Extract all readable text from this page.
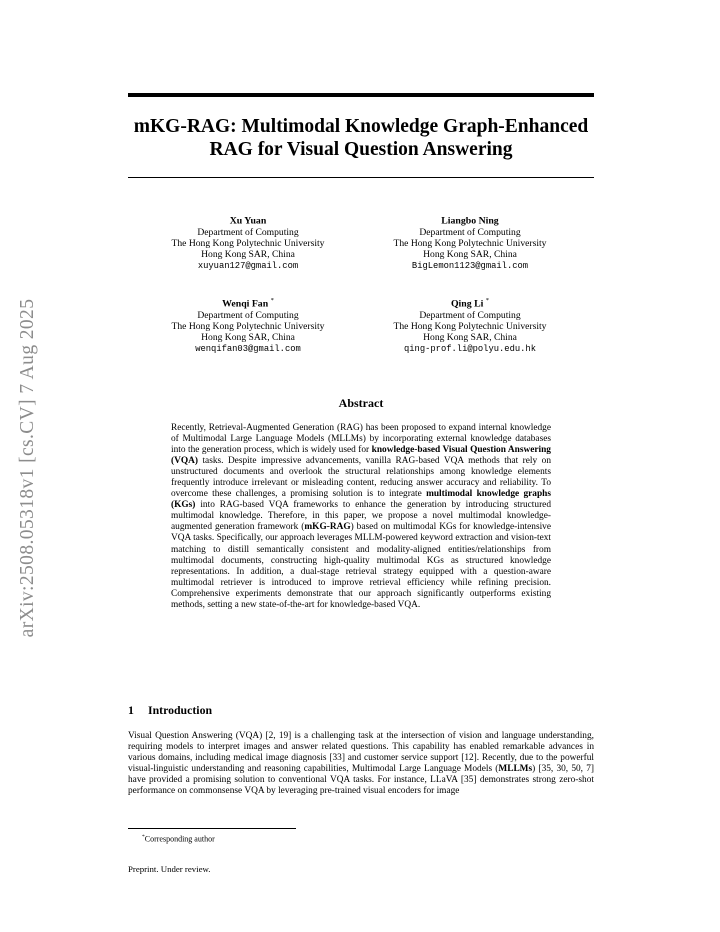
arXiv:2508.05318v1 [cs.CV] 7 Aug 2025
mKG-RAG: Multimodal Knowledge Graph-Enhanced RAG for Visual Question Answering
Xu Yuan
Department of Computing
The Hong Kong Polytechnic University
Hong Kong SAR, China
xuyuan127@gmail.com
Liangbo Ning
Department of Computing
The Hong Kong Polytechnic University
Hong Kong SAR, China
BigLemon1123@gmail.com
Wenqi Fan *
Department of Computing
The Hong Kong Polytechnic University
Hong Kong SAR, China
wenqifan03@gmail.com
Qing Li *
Department of Computing
The Hong Kong Polytechnic University
Hong Kong SAR, China
qing-prof.li@polyu.edu.hk
Abstract
Recently, Retrieval-Augmented Generation (RAG) has been proposed to expand internal knowledge of Multimodal Large Language Models (MLLMs) by incorporating external knowledge databases into the generation process, which is widely used for knowledge-based Visual Question Answering (VQA) tasks. Despite impressive advancements, vanilla RAG-based VQA methods that rely on unstructured documents and overlook the structural relationships among knowledge elements frequently introduce irrelevant or misleading content, reducing answer accuracy and reliability. To overcome these challenges, a promising solution is to integrate multimodal knowledge graphs (KGs) into RAG-based VQA frameworks to enhance the generation by introducing structured multimodal knowledge. Therefore, in this paper, we propose a novel multimodal knowledge-augmented generation framework (mKG-RAG) based on multimodal KGs for knowledge-intensive VQA tasks. Specifically, our approach leverages MLLM-powered keyword extraction and vision-text matching to distill semantically consistent and modality-aligned entities/relationships from multimodal documents, constructing high-quality multimodal KGs as structured knowledge representations. In addition, a dual-stage retrieval strategy equipped with a question-aware multimodal retriever is introduced to improve retrieval efficiency while refining precision. Comprehensive experiments demonstrate that our approach significantly outperforms existing methods, setting a new state-of-the-art for knowledge-based VQA.
1 Introduction
Visual Question Answering (VQA) [2, 19] is a challenging task at the intersection of vision and language understanding, requiring models to interpret images and answer related questions. This capability has enabled remarkable advances in various domains, including medical image diagnosis [33] and customer service support [12]. Recently, due to the powerful visual-linguistic understanding and reasoning capabilities, Multimodal Large Language Models (MLLMs) [35, 30, 50, 7] have provided a promising solution to conventional VQA tasks. For instance, LLaVA [35] demonstrates strong zero-shot performance on commonsense VQA by leveraging pre-trained visual encoders for image
*Corresponding author
Preprint. Under review.
